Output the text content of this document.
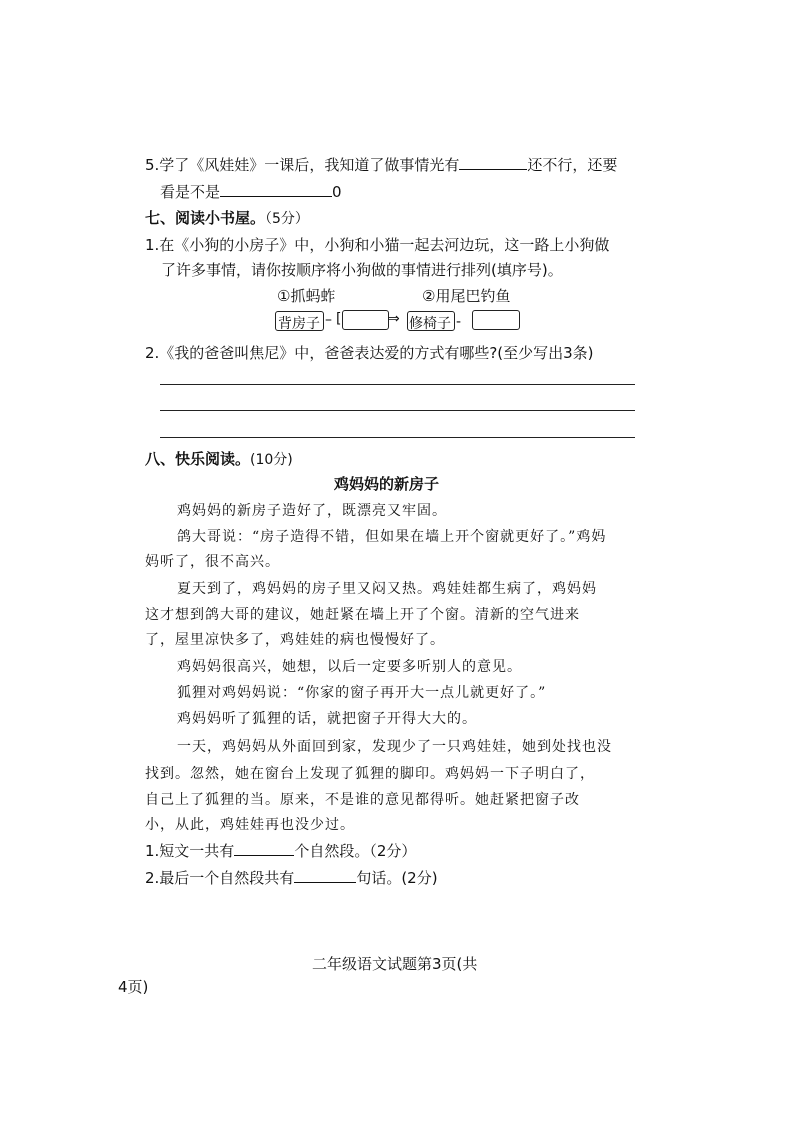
5.学了《风娃娃》一课后，我知道了做事情光有	还不行，还要
看是不是	0
七、阅读小书屋。（5分）
1.在《小狗的小房子》中，小狗和小猫一起去河边玩，这一路上小狗做
了许多事情，请你按顺序将小狗做的事情进行排列(填序号)。
①抓蚂蚱	②用尾巴钓鱼
背房子 – [	⇒ 修椅子 -
2.《我的爸爸叫焦尼》中，爸爸表达爱的方式有哪些?(至少写出3条)
八、快乐阅读。(10分)
鸡妈妈的新房子
鸡妈妈的新房子造好了，既漂亮又牢固。
鸽大哥说：“房子造得不错，但如果在墙上开个窗就更好了。”鸡妈
妈听了，很不高兴。
夏天到了，鸡妈妈的房子里又闷又热。鸡娃娃都生病了，鸡妈妈
这才想到鸽大哥的建议，她赶紧在墙上开了个窗。清新的空气进来
了，屋里凉快多了，鸡娃娃的病也慢慢好了。
鸡妈妈很高兴，她想，以后一定要多听别人的意见。
狐狸对鸡妈妈说：“你家的窗子再开大一点儿就更好了。”
鸡妈妈听了狐狸的话，就把窗子开得大大的。
一天，鸡妈妈从外面回到家，发现少了一只鸡娃娃，她到处找也没
找到。忽然，她在窗台上发现了狐狸的脚印。鸡妈妈一下子明白了，
自己上了狐狸的当。原来，不是谁的意见都得听。她赶紧把窗子改
小，从此，鸡娃娃再也没少过。
1.短文一共有	个自然段。（2分）
2.最后一个自然段共有	句话。(2分)
二年级语文试题第3页(共
4页)
